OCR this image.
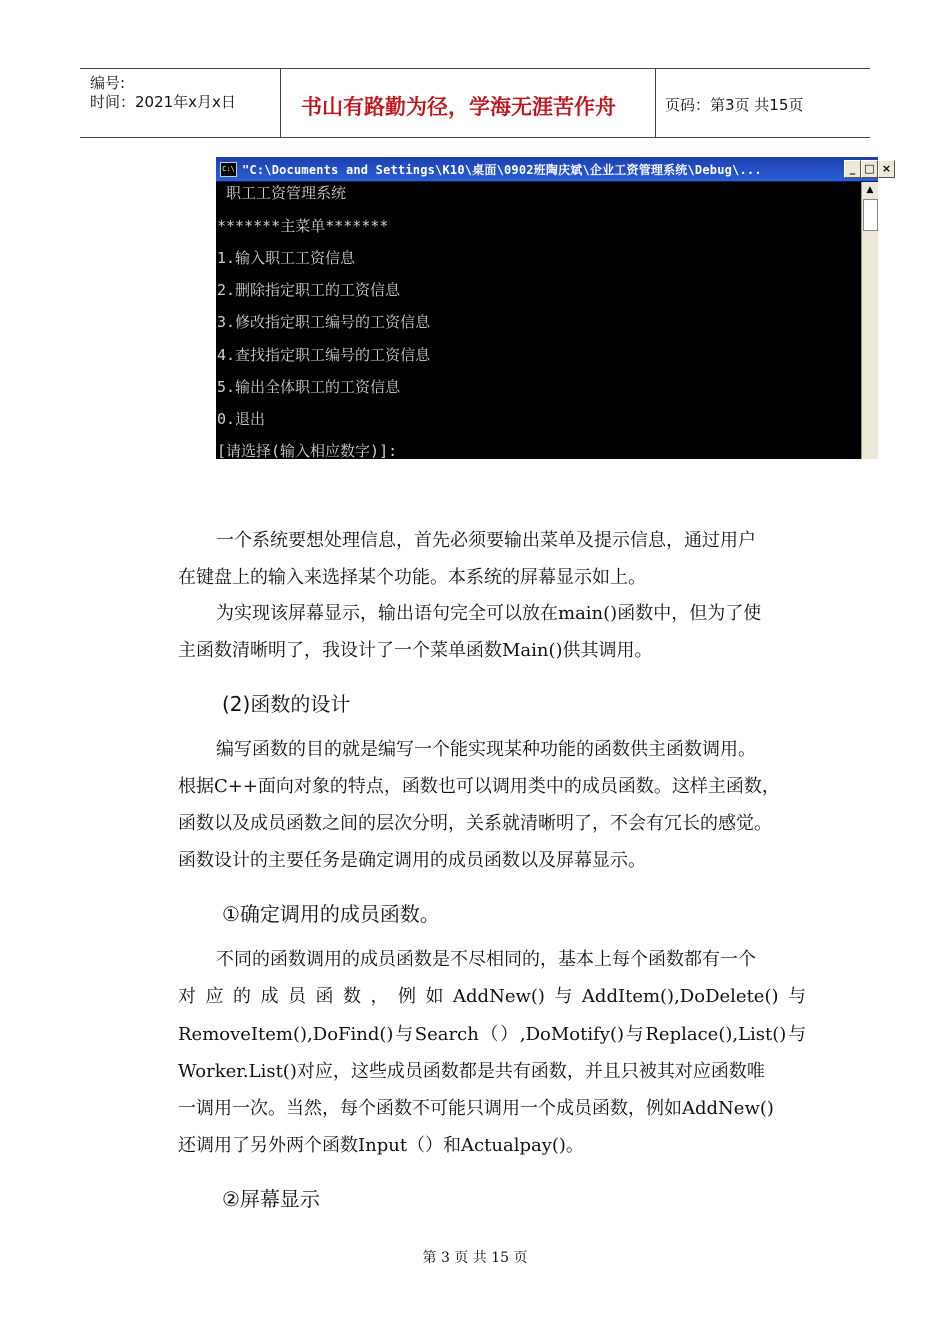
编号:
时间：2021年x月x日	书山有路勤为径，学海无涯苦作舟	页码：第3页 共15页
C:\ "C:\Documents and Settings\K10\桌面\0902班陶庆斌\企业工资管理系统\Debug\...	_ □ ×
职工工资管理系统
*******主菜单*******
1.输入职工工资信息
2.删除指定职工的工资信息
3.修改指定职工编号的工资信息
4.查找指定职工编号的工资信息
5.输出全体职工的工资信息
0.退出
[请选择(输入相应数字)]:
▲
一个系统要想处理信息，首先必须要输出菜单及提示信息，通过用户
在键盘上的输入来选择某个功能。本系统的屏幕显示如上。
为实现该屏幕显示，输出语句完全可以放在main()函数中，但为了使
主函数清晰明了，我设计了一个菜单函数Main()供其调用。
(2)函数的设计
编写函数的目的就是编写一个能实现某种功能的函数供主函数调用。
根据C++面向对象的特点，函数也可以调用类中的成员函数。这样主函数，
函数以及成员函数之间的层次分明，关系就清晰明了，不会有冗长的感觉。
函数设计的主要任务是确定调用的成员函数以及屏幕显示。
①确定调用的成员函数。
不同的函数调用的成员函数是不尽相同的，基本上每个函数都有一个
对应的成员函数，例如AddNew()与AddItem(),DoDelete()与
RemoveItem(),DoFind()与Search（）,DoMotify()与Replace(),List()与
Worker.List()对应，这些成员函数都是共有函数，并且只被其对应函数唯
一调用一次。当然，每个函数不可能只调用一个成员函数，例如AddNew()
还调用了另外两个函数Input（）和Actualpay()。
②屏幕显示
第 3 页 共 15 页
